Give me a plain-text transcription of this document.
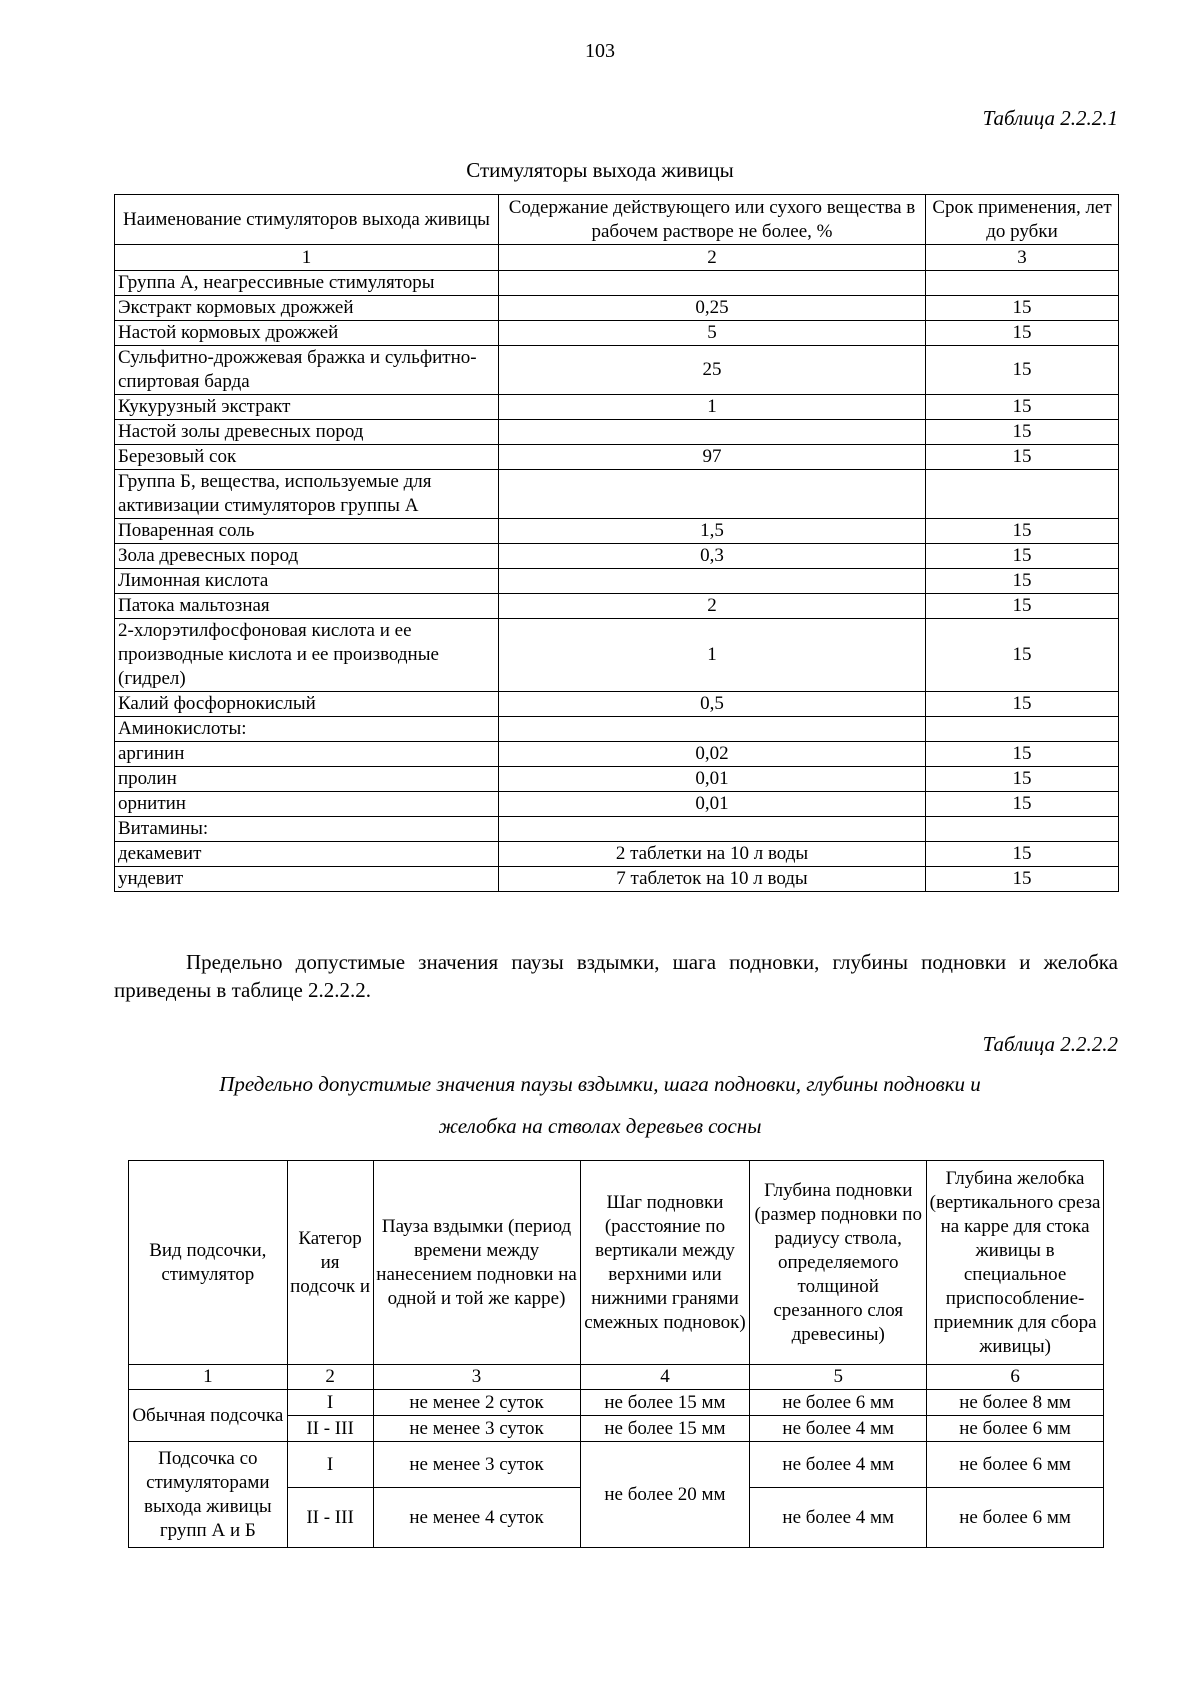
103
Таблица 2.2.2.1
Стимуляторы выхода живицы
Наименование стимуляторов выхода живицы	Содержание действующего или сухого вещества в рабочем растворе не более, %	Срок применения, лет до рубки
1	2	3
Группа А, неагрессивные стимуляторы		
Экстракт кормовых дрожжей	0,25	15
Настой кормовых дрожжей	5	15
Сульфитно-дрожжевая бражка и сульфитно-спиртовая барда	25	15
Кукурузный экстракт	1	15
Настой золы древесных пород		15
Березовый сок	97	15
Группа Б, вещества, используемые для активизации стимуляторов группы А		
Поваренная соль	1,5	15
Зола древесных пород	0,3	15
Лимонная кислота		15
Патока мальтозная	2	15
2-хлорэтилфосфоновая кислота и ее производные кислота и ее производные (гидрел)	1	15
Калий фосфорнокислый	0,5	15
Аминокислоты:		
аргинин	0,02	15
пролин	0,01	15
орнитин	0,01	15
Витамины:		
декамевит	2 таблетки на 10 л воды	15
ундевит	7 таблеток на 10 л воды	15

Предельно допустимые значения паузы вздымки, шага подновки, глубины подновки и желобка приведены в таблице 2.2.2.2.

Таблица 2.2.2.2
Предельно допустимые значения паузы вздымки, шага подновки, глубины подновки и
желобка на стволах деревьев сосны
Вид подсочки, стимулятор	Категор ия подсочк и	Пауза вздымки (период времени между нанесением подновки на одной и той же карре)	Шаг подновки (расстояние по вертикали между верхними или нижними гранями смежных подновок)	Глубина подновки (размер подновки по радиусу ствола, определяемого толщиной срезанного слоя древесины)	Глубина желобка (вертикального среза на карре для стока живицы в специальное приспособление-приемник для сбора живицы)
1	2	3	4	5	6
Обычная подсочка	I	не менее 2 суток	не более 15 мм	не более 6 мм	не более 8 мм
	II - III	не менее 3 суток	не более 15 мм	не более 4 мм	не более 6 мм
Подсочка со стимуляторами выхода живицы групп А и Б	I	не менее 3 суток	не более 20 мм	не более 4 мм	не более 6 мм
	II - III	не менее 4 суток		не более 4 мм	не более 6 мм
